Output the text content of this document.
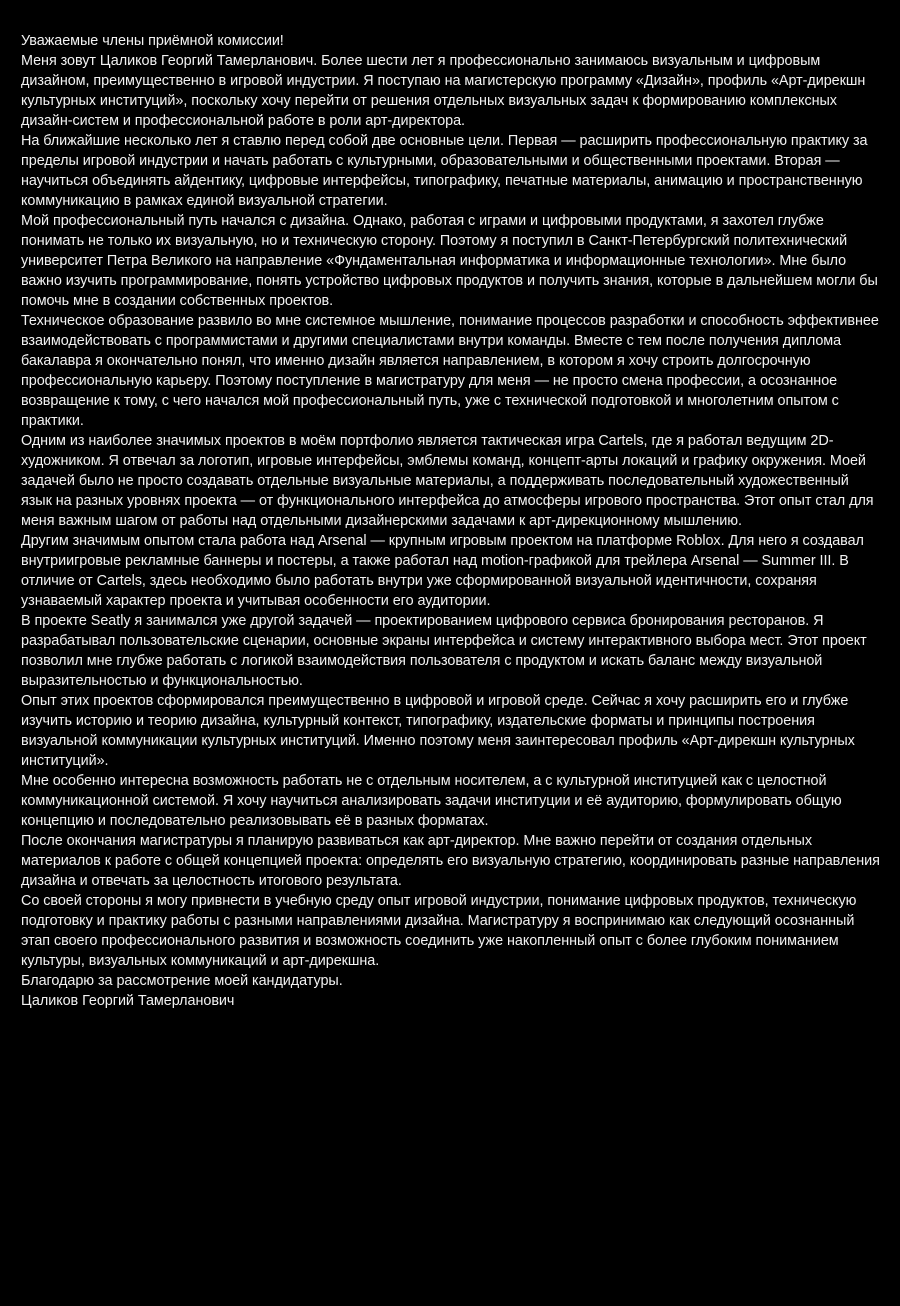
Уважаемые члены приёмной комиссии!

Меня зовут Цаликов Георгий Тамерланович. Более шести лет я профессионально занимаюсь визуальным и цифровым дизайном, преимущественно в игровой индустрии. Я поступаю на магистерскую программу «Дизайн», профиль «Арт-дирекшн культурных институций», поскольку хочу перейти от решения отдельных визуальных задач к формированию комплексных дизайн-систем и профессиональной работе в роли арт-директора.

На ближайшие несколько лет я ставлю перед собой две основные цели. Первая — расширить профессиональную практику за пределы игровой индустрии и начать работать с культурными, образовательными и общественными проектами. Вторая — научиться объединять айдентику, цифровые интерфейсы, типографику, печатные материалы, анимацию и пространственную коммуникацию в рамках единой визуальной стратегии.

Мой профессиональный путь начался с дизайна. Однако, работая с играми и цифровыми продуктами, я захотел глубже понимать не только их визуальную, но и техническую сторону. Поэтому я поступил в Санкт-Петербургский политехнический университет Петра Великого на направление «Фундаментальная информатика и информационные технологии». Мне было важно изучить программирование, понять устройство цифровых продуктов и получить знания, которые в дальнейшем могли бы помочь мне в создании собственных проектов.

Техническое образование развило во мне системное мышление, понимание процессов разработки и способность эффективнее взаимодействовать с программистами и другими специалистами внутри команды. Вместе с тем после получения диплома бакалавра я окончательно понял, что именно дизайн является направлением, в котором я хочу строить долгосрочную профессиональную карьеру. Поэтому поступление в магистратуру для меня — не просто смена профессии, а осознанное возвращение к тому, с чего начался мой профессиональный путь, уже с технической подготовкой и многолетним опытом с практики.

Одним из наиболее значимых проектов в моём портфолио является тактическая игра Cartels, где я работал ведущим 2D-художником. Я отвечал за логотип, игровые интерфейсы, эмблемы команд, концепт-арты локаций и графику окружения. Моей задачей было не просто создавать отдельные визуальные материалы, а поддерживать последовательный художественный язык на разных уровнях проекта — от функционального интерфейса до атмосферы игрового пространства. Этот опыт стал для меня важным шагом от работы над отдельными дизайнерскими задачами к арт-дирекционному мышлению.

Другим значимым опытом стала работа над Arsenal — крупным игровым проектом на платформе Roblox. Для него я создавал внутриигровые рекламные баннеры и постеры, а также работал над motion-графикой для трейлера Arsenal — Summer III. В отличие от Cartels, здесь необходимо было работать внутри уже сформированной визуальной идентичности, сохраняя узнаваемый характер проекта и учитывая особенности его аудитории.

В проекте Seatly я занимался уже другой задачей — проектированием цифрового сервиса бронирования ресторанов. Я разрабатывал пользовательские сценарии, основные экраны интерфейса и систему интерактивного выбора мест. Этот проект позволил мне глубже работать с логикой взаимодействия пользователя с продуктом и искать баланс между визуальной выразительностью и функциональностью.

Опыт этих проектов сформировался преимущественно в цифровой и игровой среде. Сейчас я хочу расширить его и глубже изучить историю и теорию дизайна, культурный контекст, типографику, издательские форматы и принципы построения визуальной коммуникации культурных институций. Именно поэтому меня заинтересовал профиль «Арт-дирекшн культурных институций».

Мне особенно интересна возможность работать не с отдельным носителем, а с культурной институцией как с целостной коммуникационной системой. Я хочу научиться анализировать задачи институции и её аудиторию, формулировать общую концепцию и последовательно реализовывать её в разных форматах.

После окончания магистратуры я планирую развиваться как арт-директор. Мне важно перейти от создания отдельных материалов к работе с общей концепцией проекта: определять его визуальную стратегию, координировать разные направления дизайна и отвечать за целостность итогового результата.

Со своей стороны я могу привнести в учебную среду опыт игровой индустрии, понимание цифровых продуктов, техническую подготовку и практику работы с разными направлениями дизайна. Магистратуру я воспринимаю как следующий осознанный этап своего профессионального развития и возможность соединить уже накопленный опыт с более глубоким пониманием культуры, визуальных коммуникаций и арт-дирекшна.

Благодарю за рассмотрение моей кандидатуры.

Цаликов Георгий Тамерланович
